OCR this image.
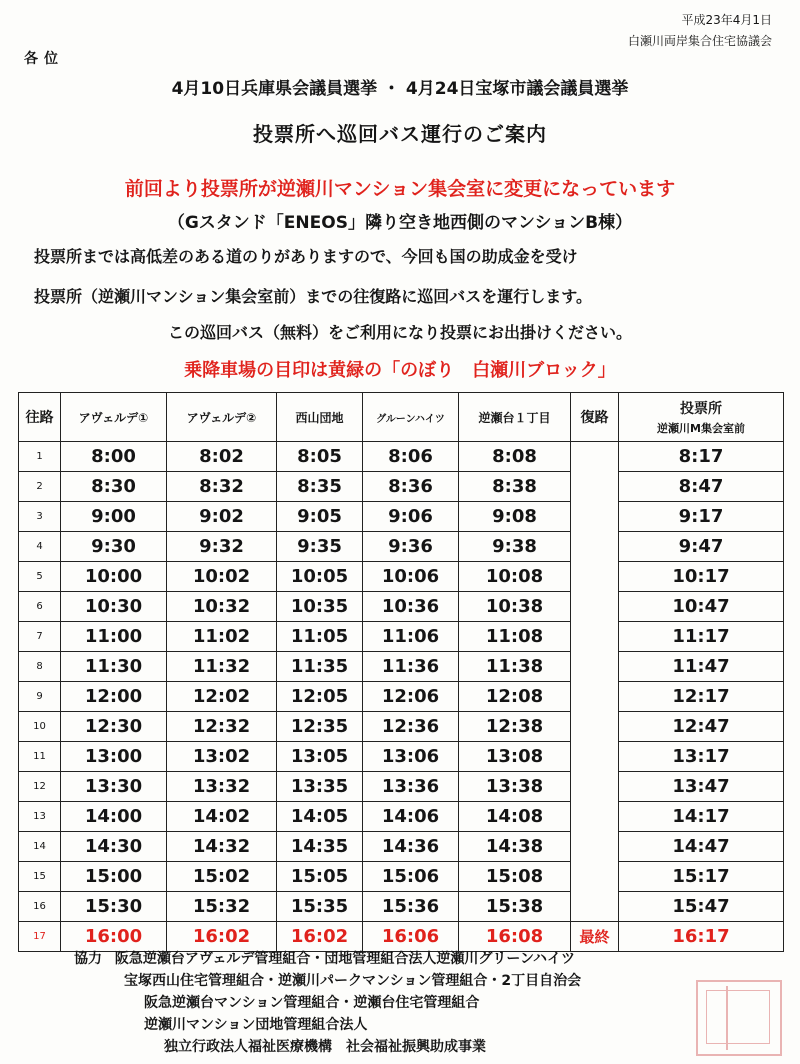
平成23年4月1日
白瀬川両岸集合住宅協議会
各位
4月10日兵庫県会議員選挙 ・ 4月24日宝塚市議会議員選挙
投票所へ巡回バス運行のご案内
前回より投票所が逆瀬川マンション集会室に変更になっています
（Gスタンド「ENEOS」隣り空き地西側のマンションB棟）
投票所までは高低差のある道のりがありますので、今回も国の助成金を受け
投票所（逆瀬川マンション集会室前）までの往復路に巡回バスを運行します。
この巡回バス（無料）をご利用になり投票にお出掛けください。
乗降車場の目印は黄緑の「のぼり　白瀬川ブロック」
往路	アヴェルデ①	アヴェルデ②	西山団地	グルーンハイツ	逆瀬台１丁目	復路	投票所
逆瀬川M集会室前

1	8:00	8:02	8:05	8:06	8:08		8:17
2	8:30	8:32	8:35	8:36	8:38		8:47
3	9:00	9:02	9:05	9:06	9:08		9:17
4	9:30	9:32	9:35	9:36	9:38		9:47
5	10:00	10:02	10:05	10:06	10:08		10:17
6	10:30	10:32	10:35	10:36	10:38		10:47
7	11:00	11:02	11:05	11:06	11:08		11:17
8	11:30	11:32	11:35	11:36	11:38		11:47
9	12:00	12:02	12:05	12:06	12:08		12:17
10	12:30	12:32	12:35	12:36	12:38		12:47
11	13:00	13:02	13:05	13:06	13:08		13:17
12	13:30	13:32	13:35	13:36	13:38		13:47
13	14:00	14:02	14:05	14:06	14:08		14:17
14	14:30	14:32	14:35	14:36	14:38		14:47
15	15:00	15:02	15:05	15:06	15:08		15:17
16	15:30	15:32	15:35	15:36	15:38		15:47
17	16:00	16:02	16:02	16:06	16:08	最終	16:17
協力 阪急逆瀬台アヴェルデ管理組合・団地管理組合法人逆瀬川グリーンハイツ
宝塚西山住宅管理組合・逆瀬川パークマンション管理組合・2丁目自治会
阪急逆瀬台マンション管理組合・逆瀬台住宅管理組合
逆瀬川マンション団地管理組合法人
独立行政法人福祉医療機構　社会福祉振興助成事業
